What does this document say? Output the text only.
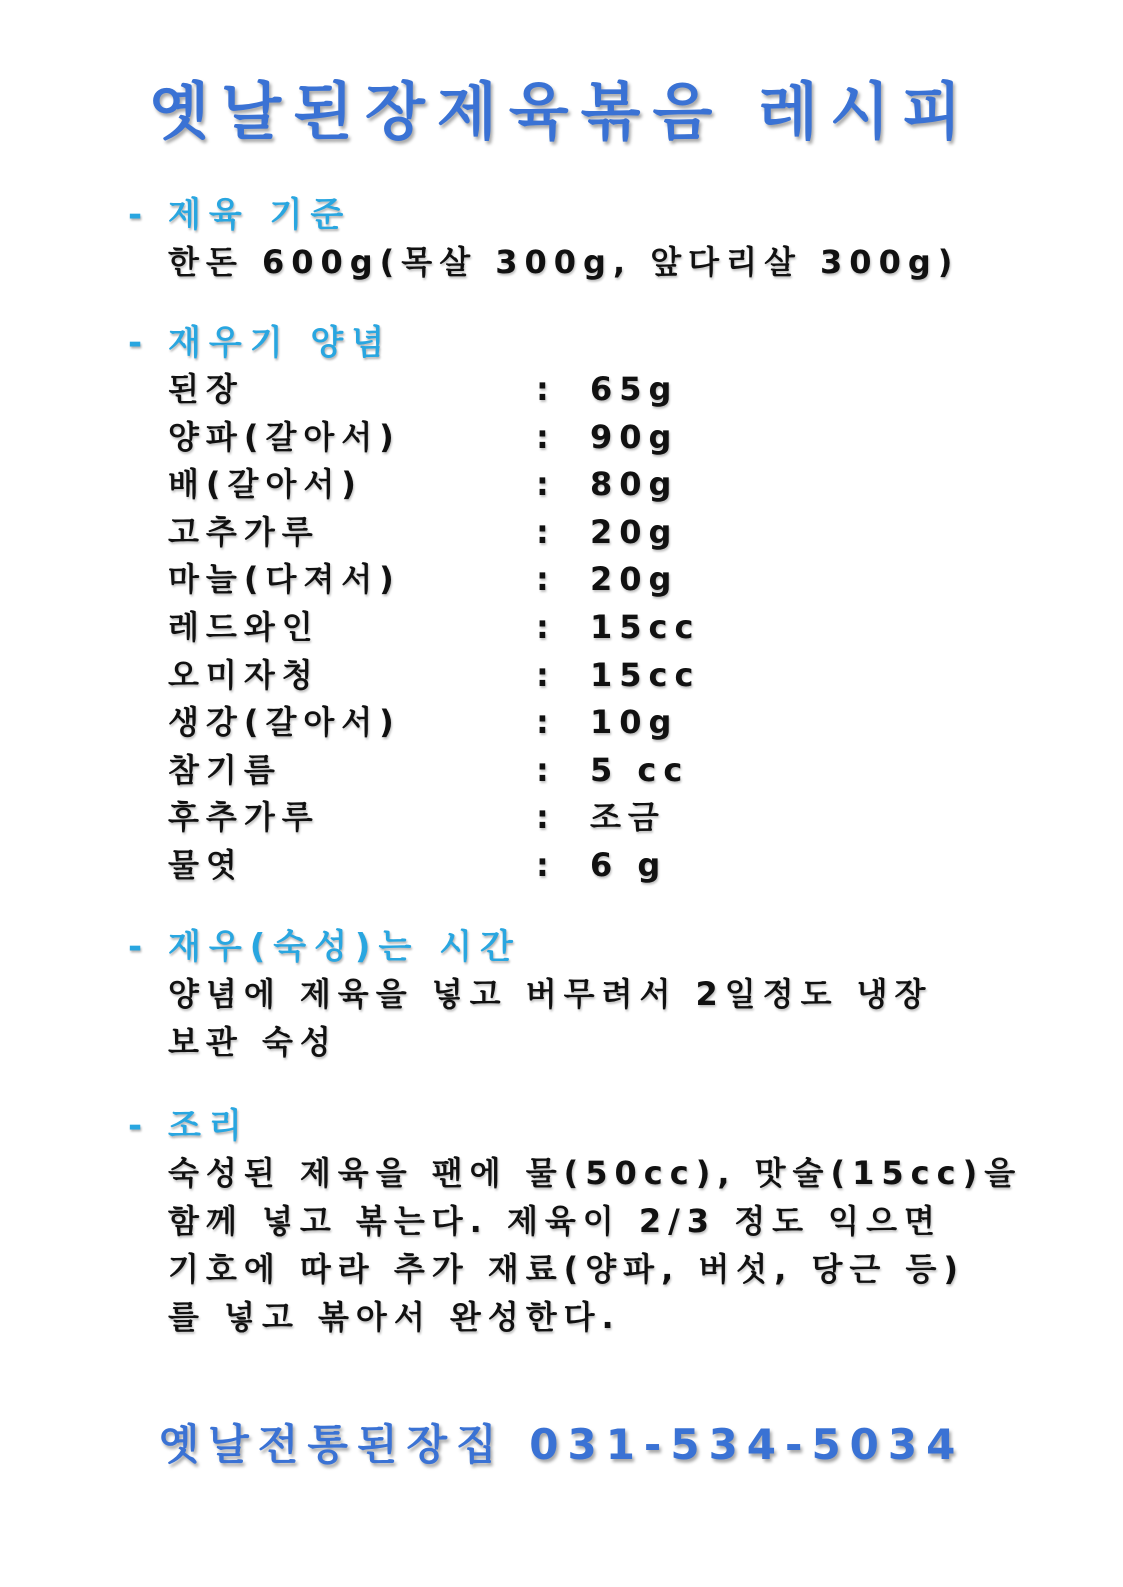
옛날된장제육볶음 레시피
- 제육 기준
한돈 600g(목살 300g, 앞다리살 300g)
- 재우기 양념
된장	: 65g
양파(갈아서)	: 90g
배(갈아서)	: 80g
고추가루	: 20g
마늘(다져서)	: 20g
레드와인	: 15cc
오미자청	: 15cc
생강(갈아서)	: 10g
참기름	: 5 cc
후추가루	: 조금
물엿	: 6 g
- 재우(숙성)는 시간
양념에 제육을 넣고 버무려서 2일정도 냉장
보관 숙성
- 조리
숙성된 제육을 팬에 물(50cc), 맛술(15cc)을
함께 넣고 볶는다. 제육이 2/3 정도 익으면
기호에 따라 추가 재료(양파, 버섯, 당근 등)
를 넣고 볶아서 완성한다.
옛날전통된장집 031-534-5034
